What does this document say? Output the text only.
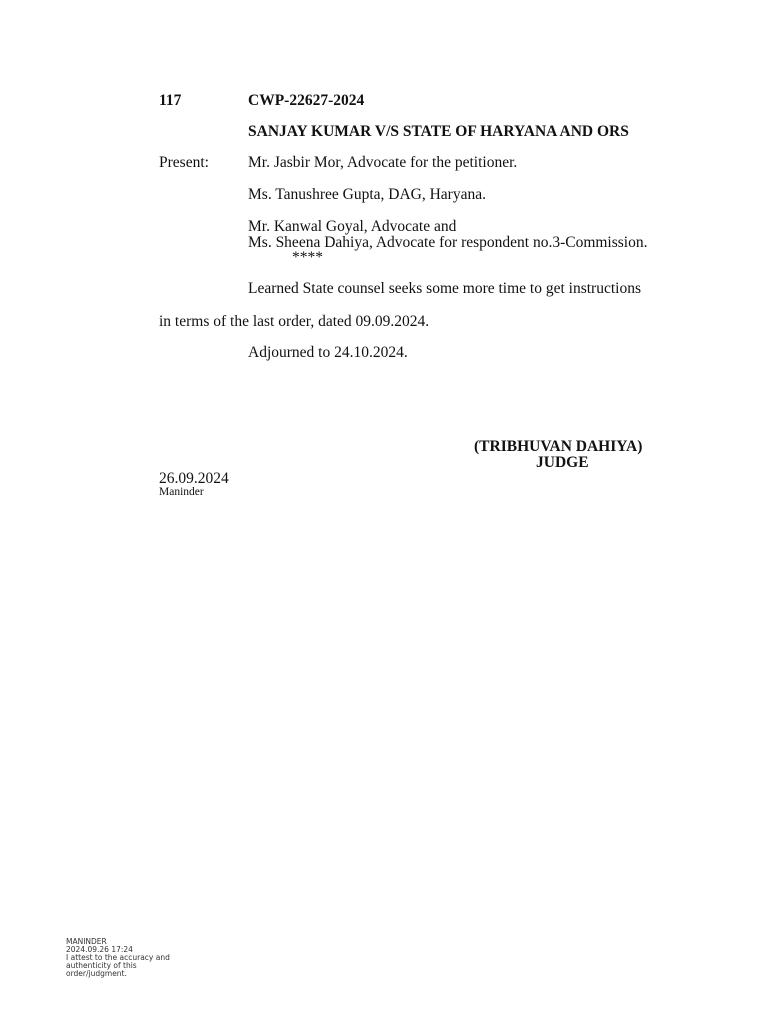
117	CWP-22627-2024
SANJAY KUMAR V/S STATE OF HARYANA AND ORS
Present:	Mr. Jasbir Mor, Advocate for the petitioner.
Ms. Tanushree Gupta, DAG, Haryana.
Mr. Kanwal Goyal, Advocate and
Ms. Sheena Dahiya, Advocate for respondent no.3-Commission.
****
Learned State counsel seeks some more time to get instructions
in terms of the last order, dated 09.09.2024.
Adjourned to 24.10.2024.
(TRIBHUVAN DAHIYA)
JUDGE
26.09.2024
Maninder
MANINDER
2024.09.26 17:24
I attest to the accuracy and
authenticity of this
order/judgment.
